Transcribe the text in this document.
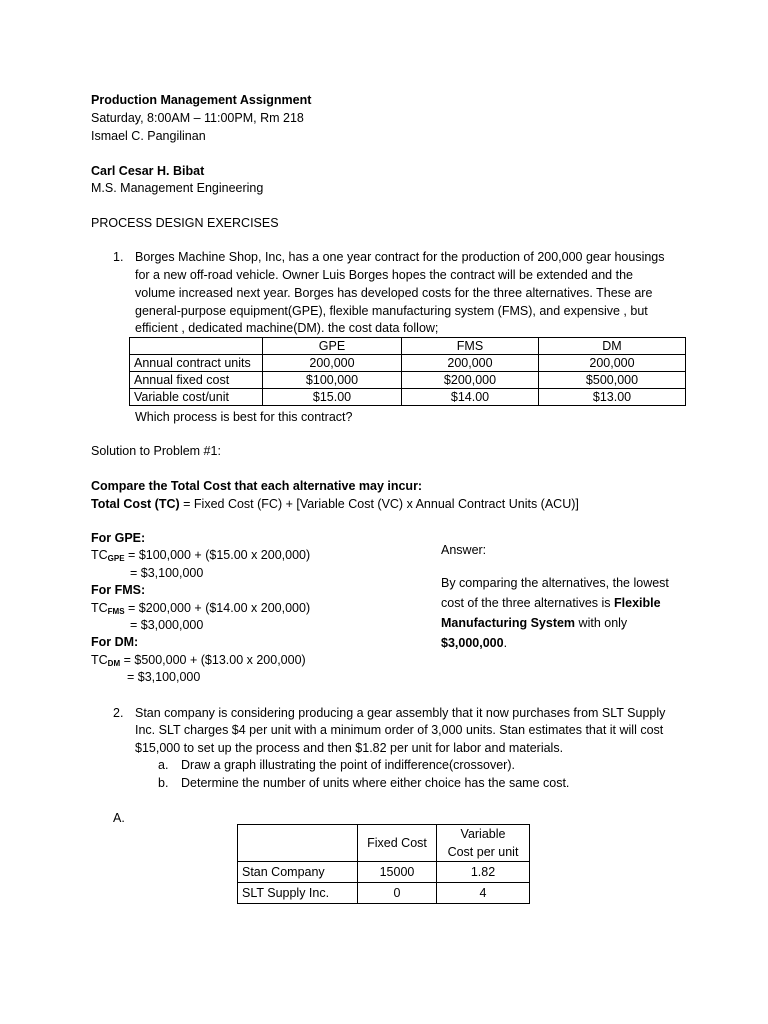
Production Management Assignment
Saturday, 8:00AM – 11:00PM, Rm 218
Ismael C. Pangilinan
Carl Cesar H. Bibat
M.S. Management Engineering
PROCESS DESIGN EXERCISES
1. Borges Machine Shop, Inc, has a one year contract for the production of 200,000 gear housings
for a new off-road vehicle. Owner Luis Borges hopes the contract will be extended and the
volume increased next year. Borges has developed costs for the three alternatives. These are
general-purpose equipment(GPE), flexible manufacturing system (FMS), and expensive , but
efficient , dedicated machine(DM). the cost data follow;
	GPE	FMS	DM
Annual contract units	200,000	200,000	200,000
Annual fixed cost	$100,000	$200,000	$500,000
Variable cost/unit	$15.00	$14.00	$13.00
Which process is best for this contract?
Solution to Problem #1:
Compare the Total Cost that each alternative may incur:
Total Cost (TC) = Fixed Cost (FC) + [Variable Cost (VC) x Annual Contract Units (ACU)]
For GPE:
$TC_{GPE}$ = $100,000 + ($15.00 x 200,000)
= $3,100,000
For FMS:
$TC_{FMS}$ = $200,000 + ($14.00 x 200,000)
= $3,000,000
For DM:
$TC_{DM}$ = $500,000 + ($13.00 x 200,000)
= $3,100,000
Answer:
By comparing the alternatives, the lowest cost of the three alternatives is Flexible Manufacturing System with only $3,000,000.
2. Stan company is considering producing a gear assembly that it now purchases from SLT Supply
Inc. SLT charges $4 per unit with a minimum order of 3,000 units. Stan estimates that it will cost
$15,000 to set up the process and then $1.82 per unit for labor and materials.
a. Draw a graph illustrating the point of indifference(crossover).
b. Determine the number of units where either choice has the same cost.
A.
	Fixed Cost	Variable
Cost per unit

Stan Company	15000	1.82
SLT Supply Inc.	0	4
